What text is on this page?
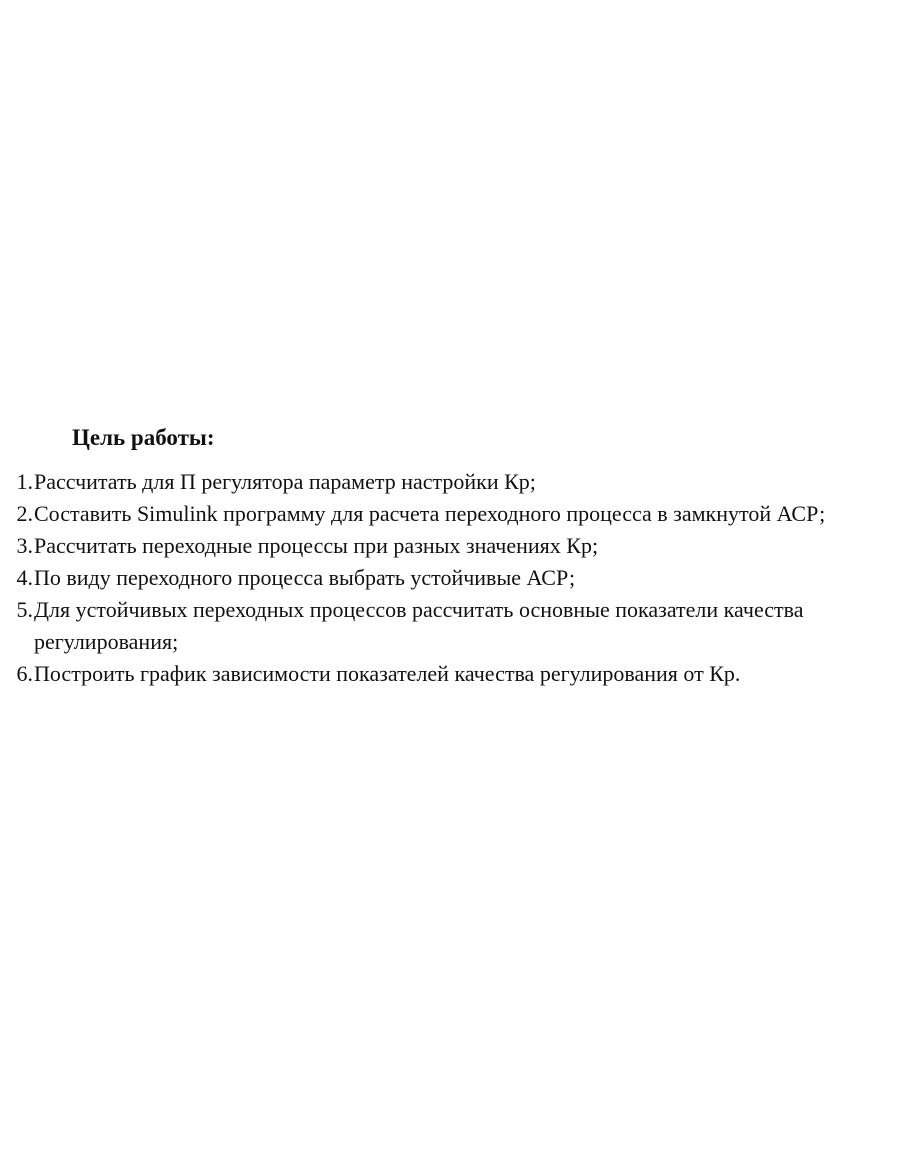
Цель работы:
1. Рассчитать для П регулятора параметр настройки Кр;
2. Составить Simulink программу для расчета переходного процесса в замкнутой АСР;
3. Рассчитать переходные процессы при разных значениях Кр;
4. По виду переходного процесса выбрать устойчивые АСР;
5. Для устойчивых переходных процессов рассчитать основные показатели качества регулирования;
6. Построить график зависимости показателей качества регулирования от Кр.
